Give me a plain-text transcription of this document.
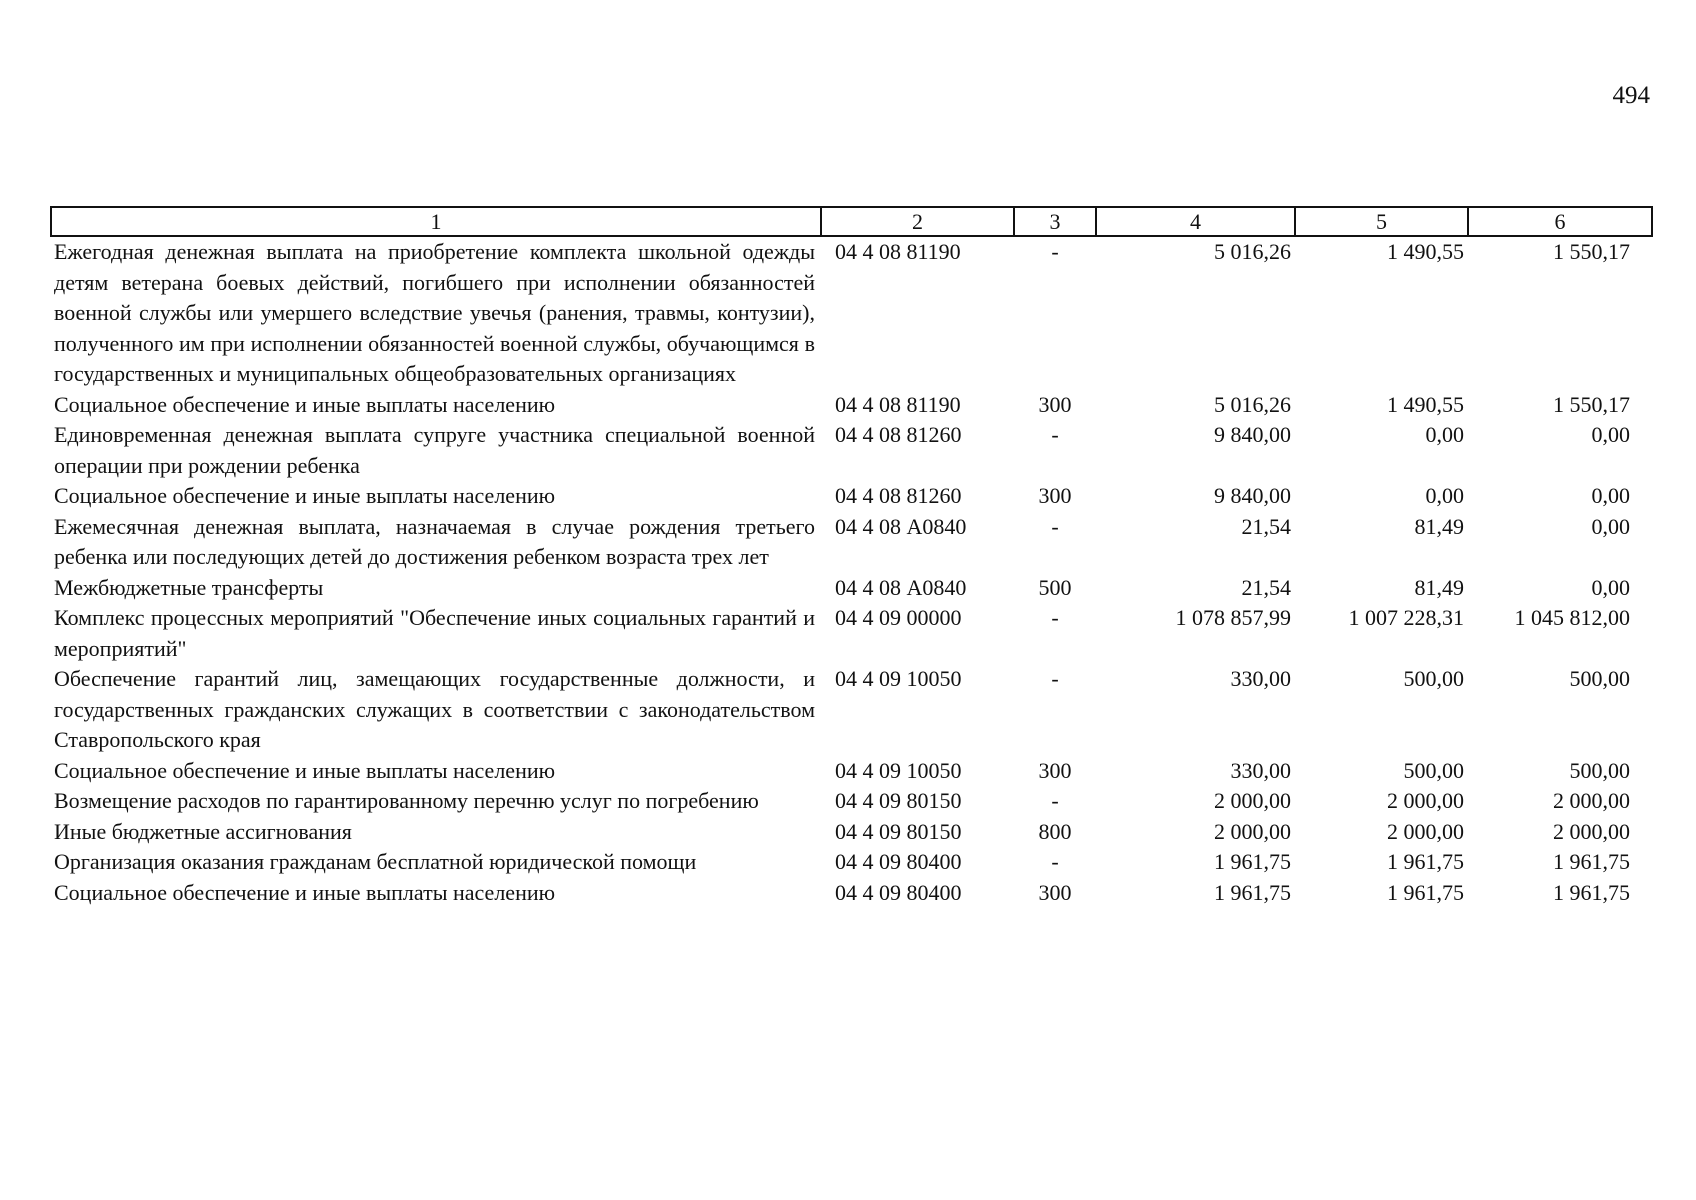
494
1	2	3	4	5	6
Ежегодная денежная выплата на приобретение комплекта школьной одежды детям ветерана боевых действий, погибшего при исполнении обязанностей военной службы или умершего вследствие увечья (ранения, травмы, контузии), полученного им при исполнении обязанностей военной службы, обучающимся в государственных и муниципальных общеобразовательных организациях	04 4 08 81190	-	5 016,26	1 490,55	1 550,17
Социальное обеспечение и иные выплаты населению	04 4 08 81190	300	5 016,26	1 490,55	1 550,17
Единовременная денежная выплата супруге участника специальной военной операции при рождении ребенка	04 4 08 81260	-	9 840,00	0,00	0,00
Социальное обеспечение и иные выплаты населению	04 4 08 81260	300	9 840,00	0,00	0,00
Ежемесячная денежная выплата, назначаемая в случае рождения третьего ребенка или последующих детей до достижения ребенком возраста трех лет	04 4 08 А0840	-	21,54	81,49	0,00
Межбюджетные трансферты	04 4 08 А0840	500	21,54	81,49	0,00
Комплекс процессных мероприятий "Обеспечение иных социальных гарантий и мероприятий"	04 4 09 00000	-	1 078 857,99	1 007 228,31	1 045 812,00
Обеспечение гарантий лиц, замещающих государственные должности, и государственных гражданских служащих в соответствии с законодательством Ставропольского края	04 4 09 10050	-	330,00	500,00	500,00
Социальное обеспечение и иные выплаты населению	04 4 09 10050	300	330,00	500,00	500,00
Возмещение расходов по гарантированному перечню услуг по погребению	04 4 09 80150	-	2 000,00	2 000,00	2 000,00
Иные бюджетные ассигнования	04 4 09 80150	800	2 000,00	2 000,00	2 000,00
Организация оказания гражданам бесплатной юридической помощи	04 4 09 80400	-	1 961,75	1 961,75	1 961,75
Социальное обеспечение и иные выплаты населению	04 4 09 80400	300	1 961,75	1 961,75	1 961,75
